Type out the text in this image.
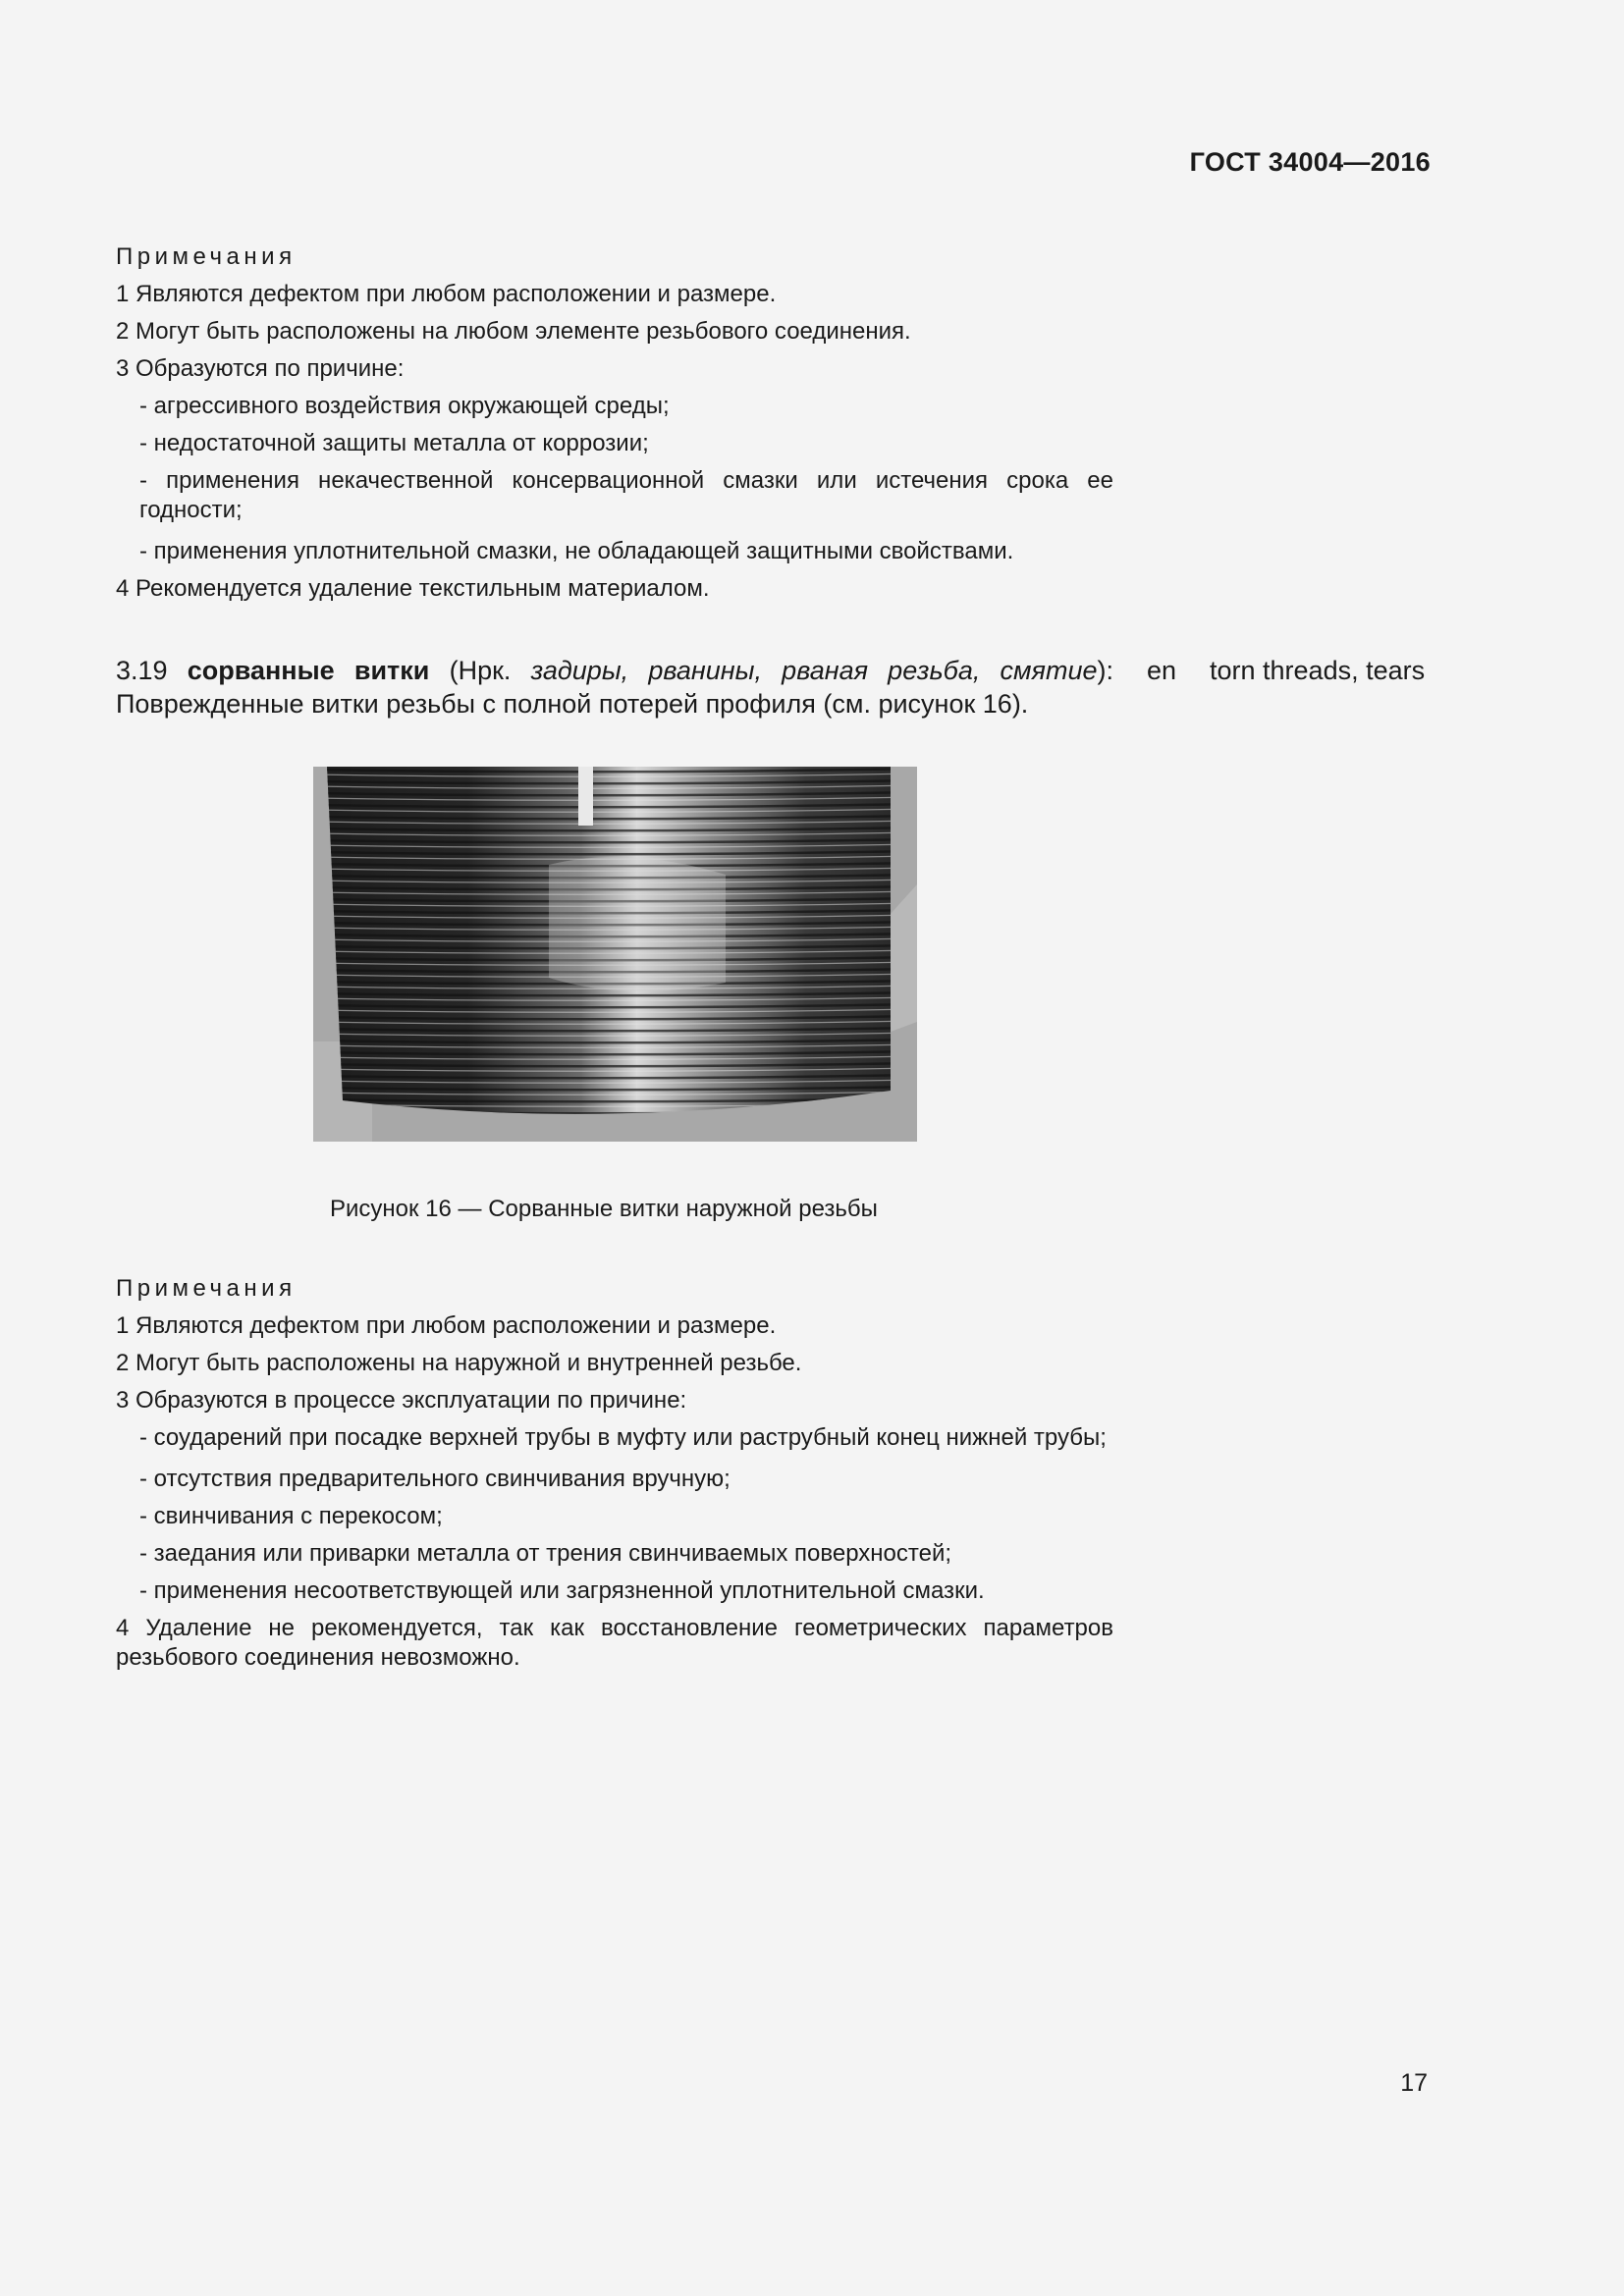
ГОСТ 34004—2016

Примечания

1 Являются дефектом при любом расположении и размере.

2 Могут быть расположены на любом элементе резьбового соединения.

3 Образуются по причине:

- агрессивного воздействия окружающей среды;

- недостаточной защиты металла от коррозии;

- применения некачественной консервационной смазки или истечения срока ее годности;

- применения уплотнительной смазки, не обладающей защитными свойствами.

4 Рекомендуется удаление текстильным материалом.

3.19 сорванные витки (Нрк. задиры, рванины, рваная резьба, смятие): Поврежденные витки резьбы с полной потерей профиля (см. рисунок 16).
en torn threads, tears
Рисунок 16 — Сорванные витки наружной резьбы

Примечания

1 Являются дефектом при любом расположении и размере.

2 Могут быть расположены на наружной и внутренней резьбе.

3 Образуются в процессе эксплуатации по причине:

- соударений при посадке верхней трубы в муфту или раструбный конец нижней трубы;

- отсутствия предварительного свинчивания вручную;

- свинчивания с перекосом;

- заедания или приварки металла от трения свинчиваемых поверхностей;

- применения несоответствующей или загрязненной уплотнительной смазки.

4 Удаление не рекомендуется, так как восстановление геометрических параметров резьбового соединения невозможно.

17
